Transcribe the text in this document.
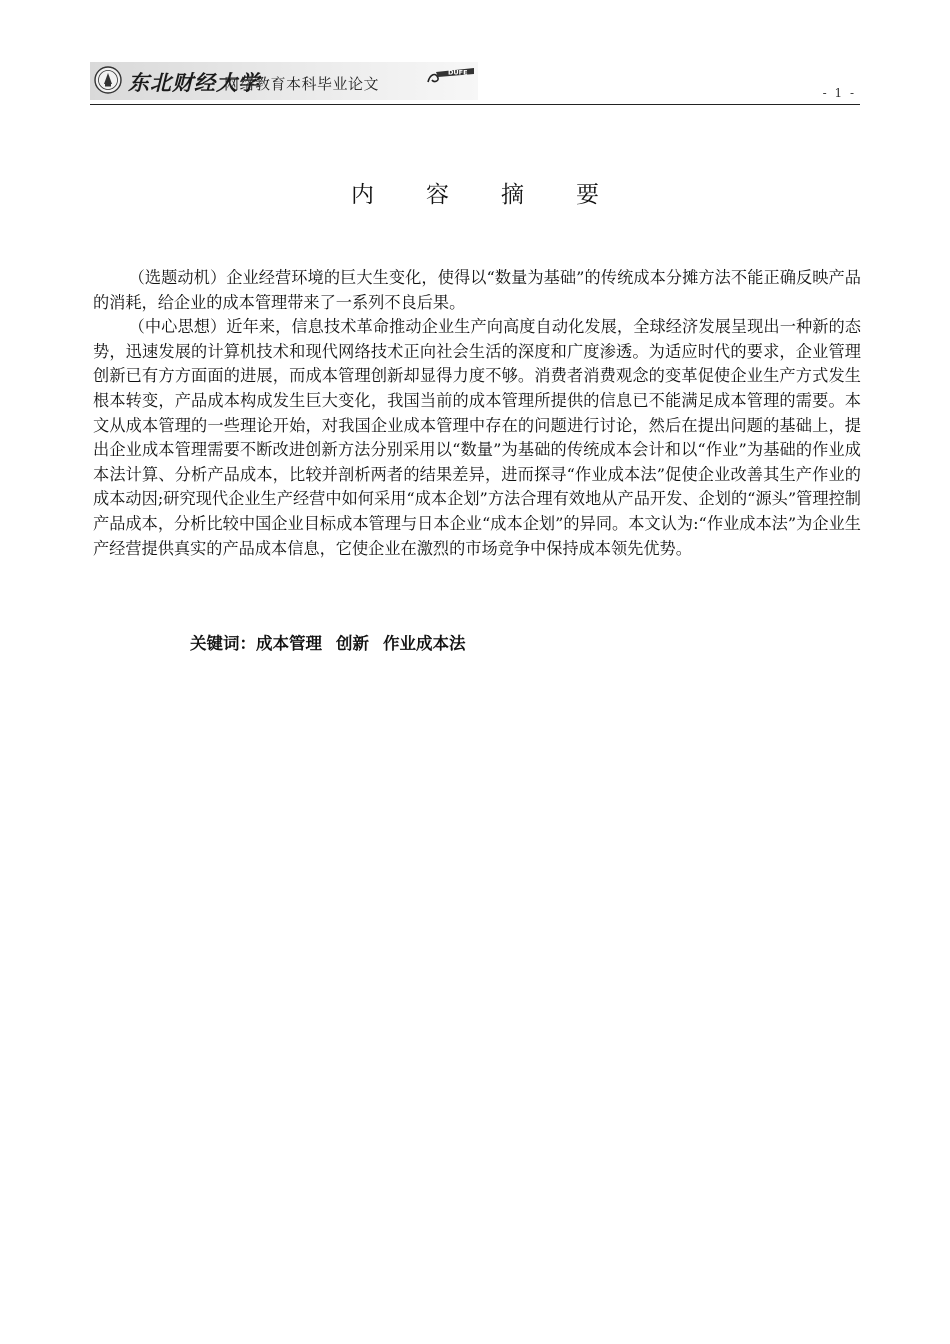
东北财经大学
网络教育本科毕业论文
DUFE
- 1 -
内 容 摘 要

（选题动机）企业经营环境的巨大生变化，使得以“数量为基础”的传统成本分摊方法不能正确反映产品的消耗，给企业的成本管理带来了一系列不良后果。

（中心思想）近年来，信息技术革命推动企业生产向高度自动化发展，全球经济发展呈现出一种新的态势，迅速发展的计算机技术和现代网络技术正向社会生活的深度和广度渗透。为适应时代的要求，企业管理创新已有方方面面的进展，而成本管理创新却显得力度不够。消费者消费观念的变革促使企业生产方式发生根本转变，产品成本构成发生巨大变化，我国当前的成本管理所提供的信息已不能满足成本管理的需要。本文从成本管理的一些理论开始，对我国企业成本管理中存在的问题进行讨论，然后在提出问题的基础上，提出企业成本管理需要不断改进创新方法分别采用以“数量”为基础的传统成本会计和以“作业”为基础的作业成本法计算、分析产品成本，比较并剖析两者的结果差异，进而探寻“作业成本法”促使企业改善其生产作业的成本动因;研究现代企业生产经营中如何采用“成本企划”方法合理有效地从产品开发、企划的“源头”管理控制产品成本，分析比较中国企业目标成本管理与日本企业“成本企划”的异同。本文认为:“作业成本法”为企业生产经营提供真实的产品成本信息，它使企业在激烈的市场竞争中保持成本领先优势。

关键词：成本管理 创新 作业成本法
